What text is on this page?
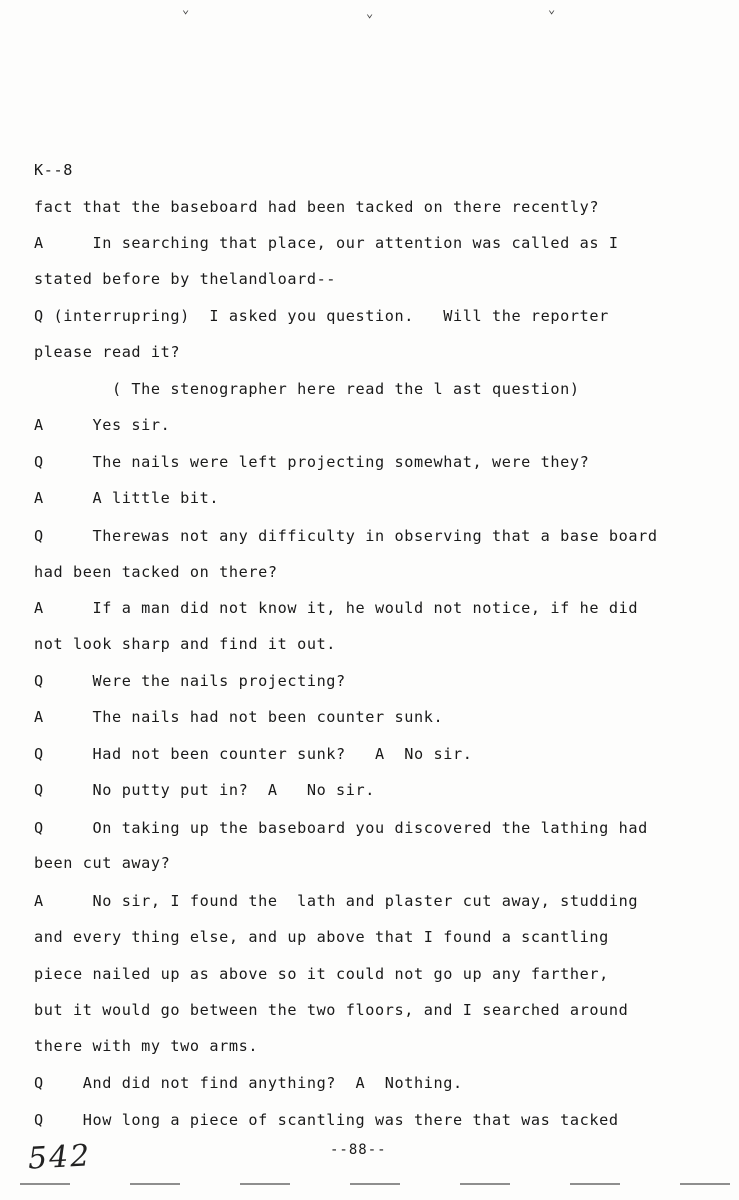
⌄	⌄	⌄
K--8
fact that the baseboard had been tacked on there recently?
A     In searching that place, our attention was called as I
stated before by thelandloard--
Q (interrupring)  I asked you question.   Will the reporter
please read it?
( The stenographer here read the l ast question)
A     Yes sir.
Q     The nails were left projecting somewhat, were they?
A     A little bit.
Q     Therewas not any difficulty in observing that a base board
had been tacked on there?
A     If a man did not know it, he would not notice, if he did
not look sharp and find it out.
Q     Were the nails projecting?
A     The nails had not been counter sunk.
Q     Had not been counter sunk?   A  No sir.
Q     No putty put in?  A   No sir.
Q     On taking up the baseboard you discovered the lathing had
been cut away?
A     No sir, I found the  lath and plaster cut away, studding
and every thing else, and up above that I found a scantling
piece nailed up as above so it could not go up any farther,
but it would go between the two floors, and I searched around
there with my two arms.
Q    And did not find anything?  A  Nothing.
Q    How long a piece of scantling was there that was tacked
542	--88--
